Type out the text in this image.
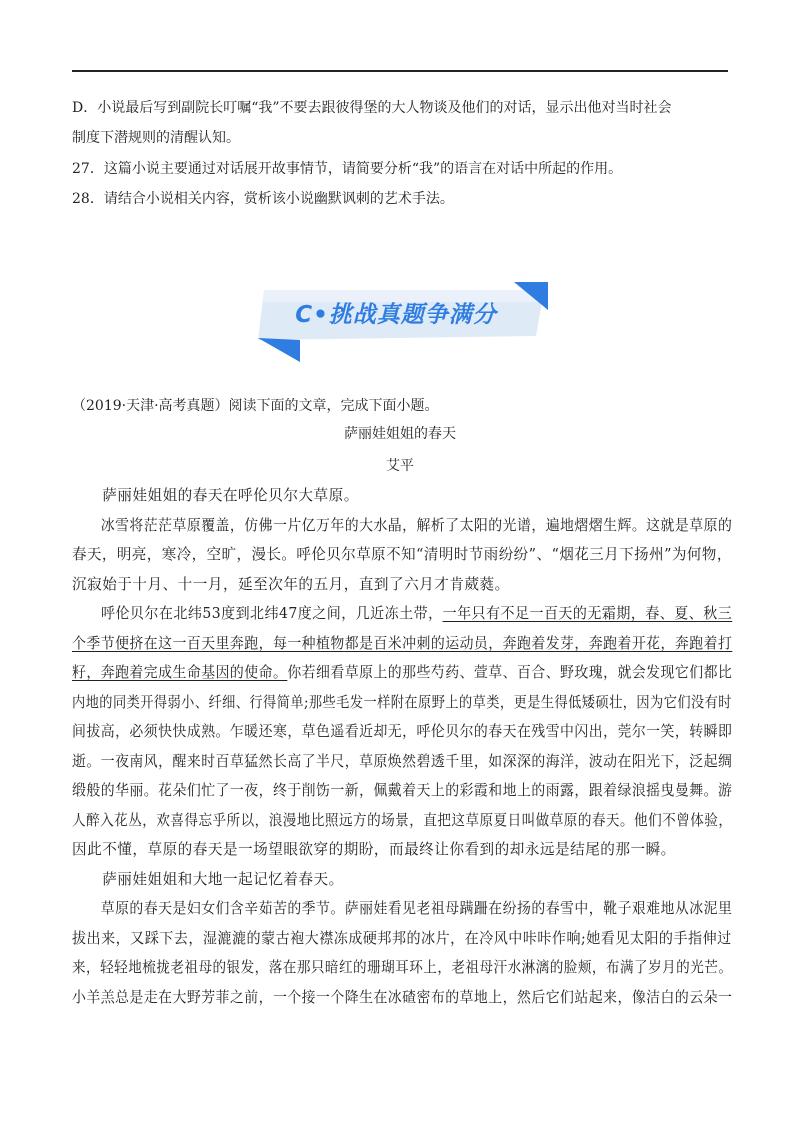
D．小说最后写到副院长叮嘱“我”不要去跟彼得堡的大人物谈及他们的对话，显示出他对当时社会
制度下潜规则的清醒认知。
27．这篇小说主要通过对话展开故事情节，请简要分析“我”的语言在对话中所起的作用。
28．请结合小说相关内容，赏析该小说幽默讽刺的艺术手法。
C•挑战真题争满分
（2019·天津·高考真题）阅读下面的文章，完成下面小题。
萨丽娃姐姐的春天
艾平
　　萨丽娃姐姐的春天在呼伦贝尔大草原。
　　冰雪将茫茫草原覆盖，仿佛一片亿万年的大水晶，解析了太阳的光谱，遍地熠熠生辉。这就是草原的
春天，明亮，寒冷，空旷，漫长。呼伦贝尔草原不知“清明时节雨纷纷”、“烟花三月下扬州”为何物，
沉寂始于十月、十一月，延至次年的五月，直到了六月才肯葳蕤。
　　呼伦贝尔在北纬53度到北纬47度之间，几近冻土带，一年只有不足一百天的无霜期，春、夏、秋三
个季节便挤在这一百天里奔跑，每一种植物都是百米冲刺的运动员，奔跑着发芽，奔跑着开花，奔跑着打
籽，奔跑着完成生命基因的使命。你若细看草原上的那些芍药、萱草、百合、野玫瑰，就会发现它们都比
内地的同类开得弱小、纤细、行得简单;那些毛发一样附在原野上的草类，更是生得低矮硕壮，因为它们没有时
间拔高，必须快快成熟。乍暖还寒，草色遥看近却无，呼伦贝尔的春天在残雪中闪出，莞尔一笑，转瞬即
逝。一夜南风，醒来时百草猛然长高了半尺，草原焕然碧透千里，如深深的海洋，波动在阳光下，泛起绸
缎般的华丽。花朵们忙了一夜，终于削饬一新，佩戴着天上的彩霞和地上的雨露，跟着绿浪摇曳曼舞。游
人醉入花丛，欢喜得忘乎所以，浪漫地比照远方的场景，直把这草原夏日叫做草原的春天。他们不曾体验，
因此不懂，草原的春天是一场望眼欲穿的期盼，而最终让你看到的却永远是结尾的那一瞬。
　　萨丽娃姐姐和大地一起记忆着春天。
　　草原的春天是妇女们含辛茹苦的季节。萨丽娃看见老祖母蹒跚在纷扬的春雪中，靴子艰难地从冰泥里
拔出来，又踩下去，湿漉漉的蒙古袍大襟冻成硬邦邦的冰片，在冷风中咔咔作响;她看见太阳的手指伸过
来，轻轻地梳拢老祖母的银发，落在那只暗红的珊瑚耳环上，老祖母汗水淋漓的脸颊，布满了岁月的光芒。
小羊羔总是走在大野芳菲之前，一个接一个降生在冰碴密布的草地上，然后它们站起来，像洁白的云朵一
